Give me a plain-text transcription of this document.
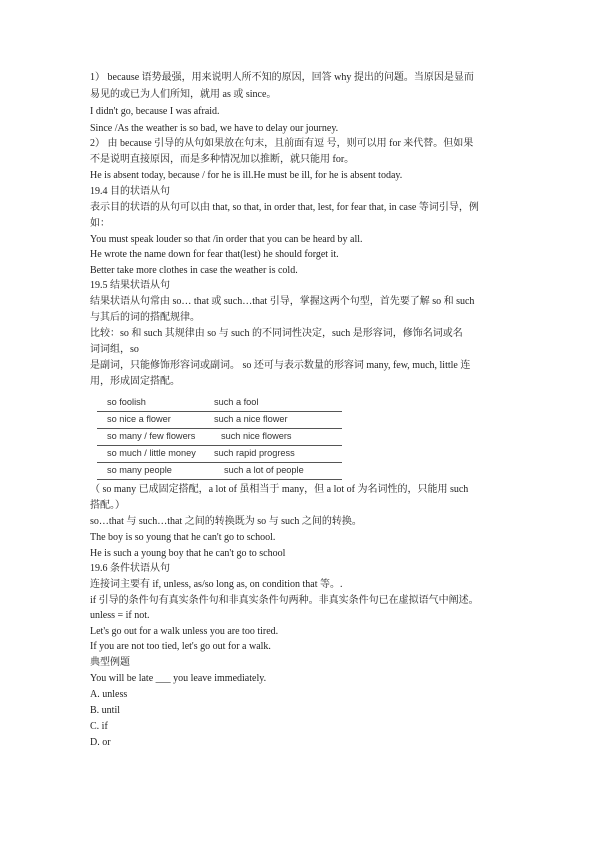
1） because 语势最强，用来说明人所不知的原因，回答 why 提出的问题。当原因是显而
易见的或已为人们所知，就用 as 或 since。
I didn't go, because I was afraid.
Since /As the weather is so bad, we have to delay our journey.
2） 由 because 引导的从句如果放在句末，且前面有逗 号，则可以用 for 来代替。但如果
不是说明直接原因，而是多种情况加以推断，就只能用 for。
He is absent today, because / for he is ill.He must be ill, for he is absent today.
19.4 目的状语从句
表示目的状语的从句可以由 that, so that, in order that, lest, for fear that, in case 等词引导，例
如：
You must speak louder so that /in order that you can be heard by all.
He wrote the name down for fear that(lest) he should forget it.
Better take more clothes in case the weather is cold.
19.5 结果状语从句
结果状语从句常由 so… that 或 such…that 引导，掌握这两个句型，首先要了解 so 和 such
与其后的词的搭配规律。
比较：so 和 such 其规律由 so 与 such 的不同词性决定，such 是形容词，修饰名词或名
词词组，so
是副词，只能修饰形容词或副词。 so 还可与表示数量的形容词 many, few, much, little 连
用，形成固定搭配。
so foolish	such a fool
so nice a flower	such a nice flower
so many / few flowers	such nice flowers
so much / little money such rapid progress
so many people	such a lot of people
（ so many 已成固定搭配，a lot of 虽相当于 many，但 a lot of 为名词性的，只能用 such
搭配。）
so…that 与 such…that 之间的转换既为 so 与 such 之间的转换。
The boy is so young that he can't go to school.
He is such a young boy that he can't go to school
19.6 条件状语从句
连接词主要有 if, unless, as/so long as, on condition that 等。.
if 引导的条件句有真实条件句和非真实条件句两种。非真实条件句已在虚拟语气中阐述。
unless = if not.
Let's go out for a walk unless you are too tired.
If you are not too tied, let's go out for a walk.
典型例题
You will be late ___ you leave immediately.
A. unless
B. until
C. if
D. or
